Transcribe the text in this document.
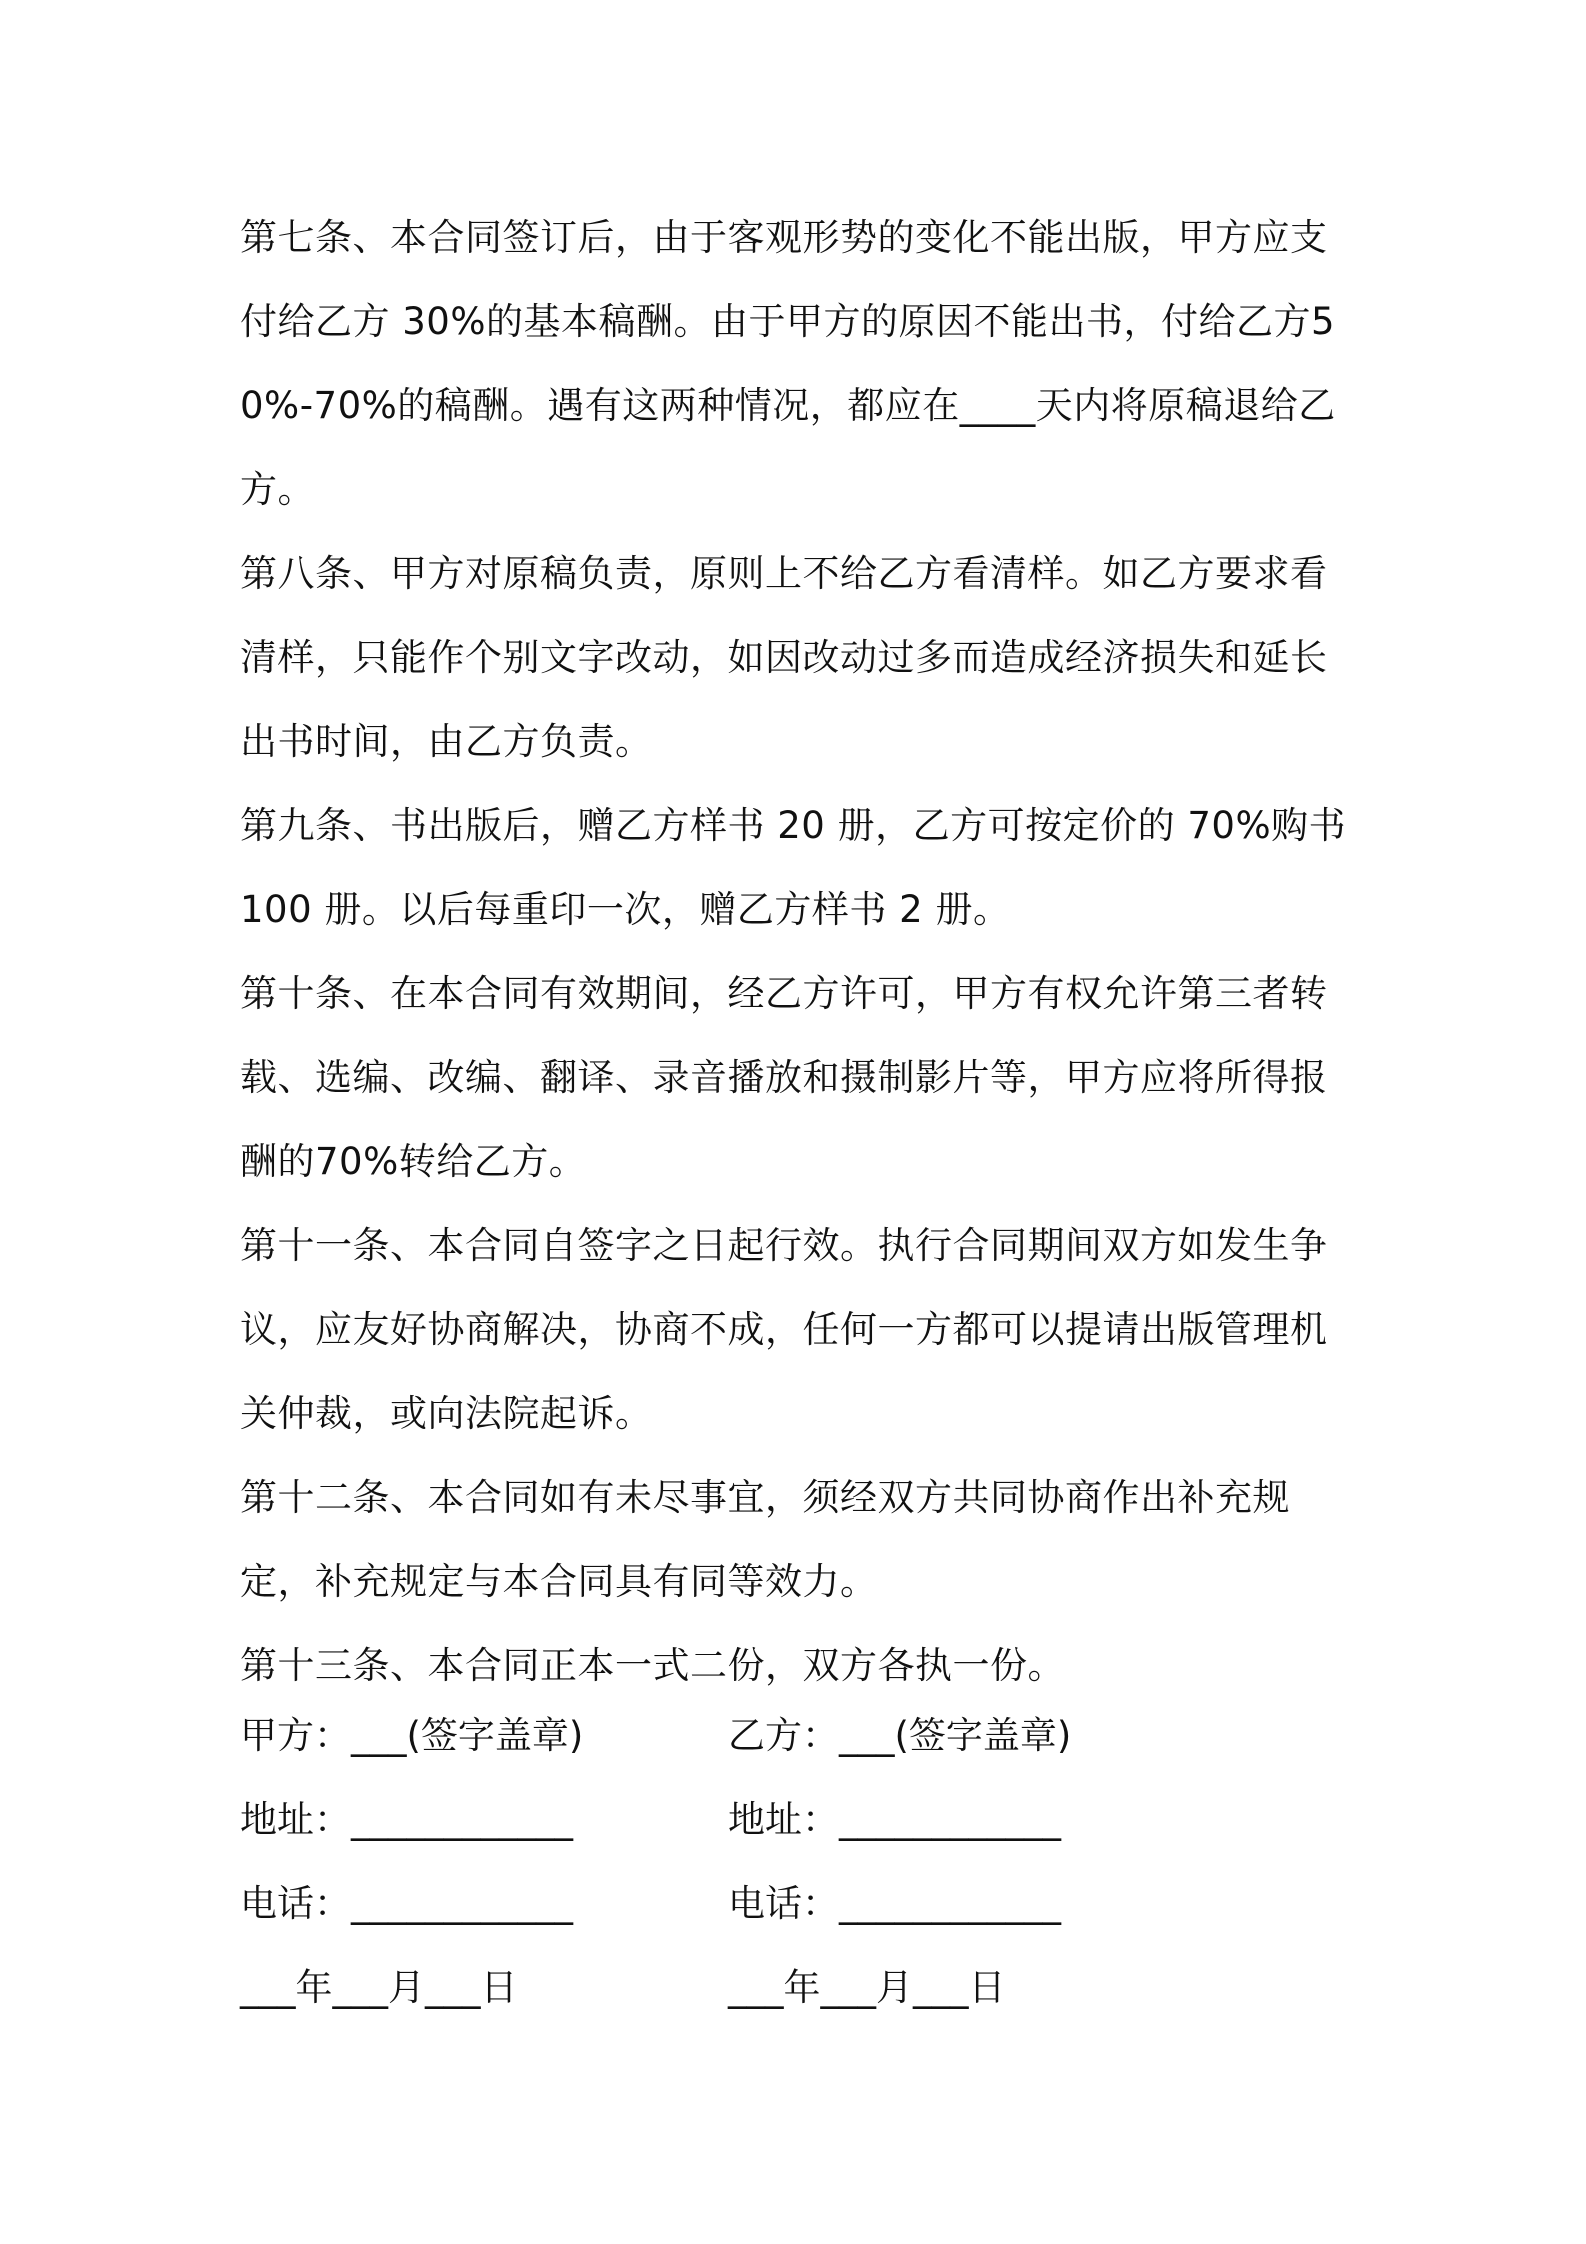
第七条、本合同签订后，由于客观形势的变化不能出版，甲方应支付给乙方 30%的基本稿酬。由于甲方的原因不能出书，付给乙方50%-70%的稿酬。遇有这两种情况，都应在____天内将原稿退给乙方。

第八条、甲方对原稿负责，原则上不给乙方看清样。如乙方要求看清样，只能作个别文字改动，如因改动过多而造成经济损失和延长出书时间，由乙方负责。

第九条、书出版后，赠乙方样书 20 册，乙方可按定价的 70%购书100 册。以后每重印一次，赠乙方样书 2 册。

第十条、在本合同有效期间，经乙方许可，甲方有权允许第三者转载、选编、改编、翻译、录音播放和摄制影片等，甲方应将所得报酬的70%转给乙方。

第十一条、本合同自签字之日起行效。执行合同期间双方如发生争议，应友好协商解决，协商不成，任何一方都可以提请出版管理机关仲裁，或向法院起诉。

第十二条、本合同如有未尽事宜，须经双方共同协商作出补充规定，补充规定与本合同具有同等效力。

第十三条、本合同正本一式二份，双方各执一份。

甲方：___(签字盖章)	乙方：___(签字盖章)
地址：____________	地址：____________
电话：____________	电话：____________
___年___月___日	___年___月___日
